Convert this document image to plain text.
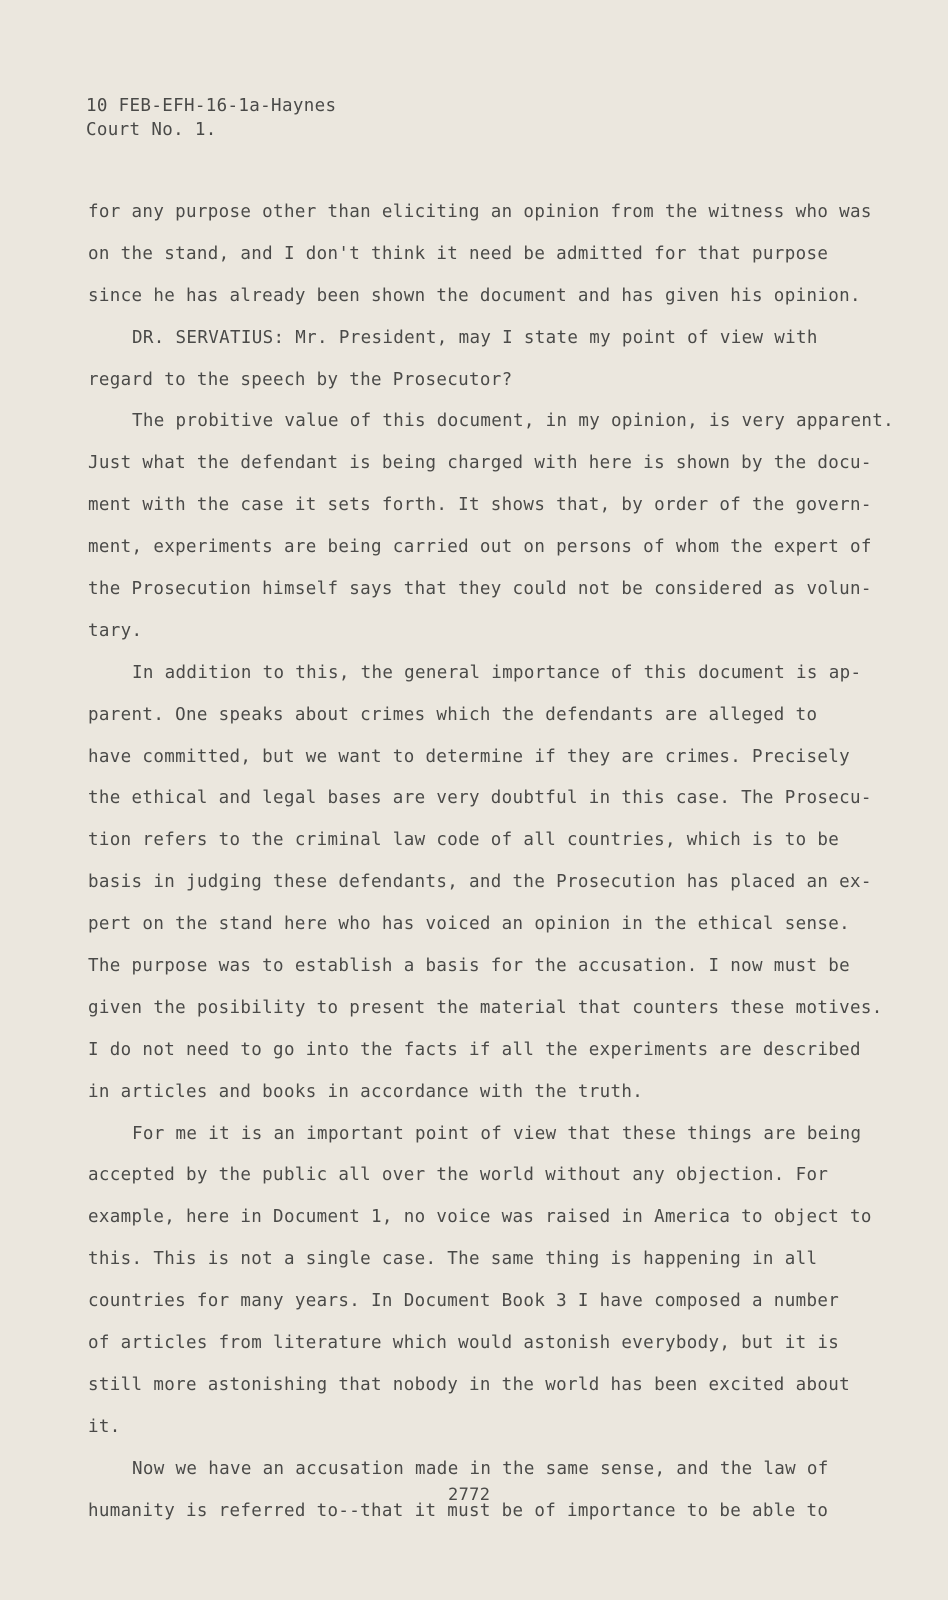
10 FEB-EFH-16-1a-Haynes
Court No. 1.
for any purpose other than eliciting an opinion from the witness who was
on the stand, and I don't think it need be admitted for that purpose
since he has already been shown the document and has given his opinion.
DR. SERVATIUS: Mr. President, may I state my point of view with
regard to the speech by the Prosecutor?
The probitive value of this document, in my opinion, is very apparent.
Just what the defendant is being charged with here is shown by the docu-
ment with the case it sets forth. It shows that, by order of the govern-
ment, experiments are being carried out on persons of whom the expert of
the Prosecution himself says that they could not be considered as volun-
tary.
In addition to this, the general importance of this document is ap-
parent. One speaks about crimes which the defendants are alleged to
have committed, but we want to determine if they are crimes. Precisely
the ethical and legal bases are very doubtful in this case. The Prosecu-
tion refers to the criminal law code of all countries, which is to be
basis in judging these defendants, and the Prosecution has placed an ex-
pert on the stand here who has voiced an opinion in the ethical sense.
The purpose was to establish a basis for the accusation. I now must be
given the posibility to present the material that counters these motives.
I do not need to go into the facts if all the experiments are described
in articles and books in accordance with the truth.
For me it is an important point of view that these things are being
accepted by the public all over the world without any objection. For
example, here in Document 1, no voice was raised in America to object to
this. This is not a single case. The same thing is happening in all
countries for many years. In Document Book 3 I have composed a number
of articles from literature which would astonish everybody, but it is
still more astonishing that nobody in the world has been excited about
it.
Now we have an accusation made in the same sense, and the law of
humanity is referred to--that it must be of importance to be able to
2772
